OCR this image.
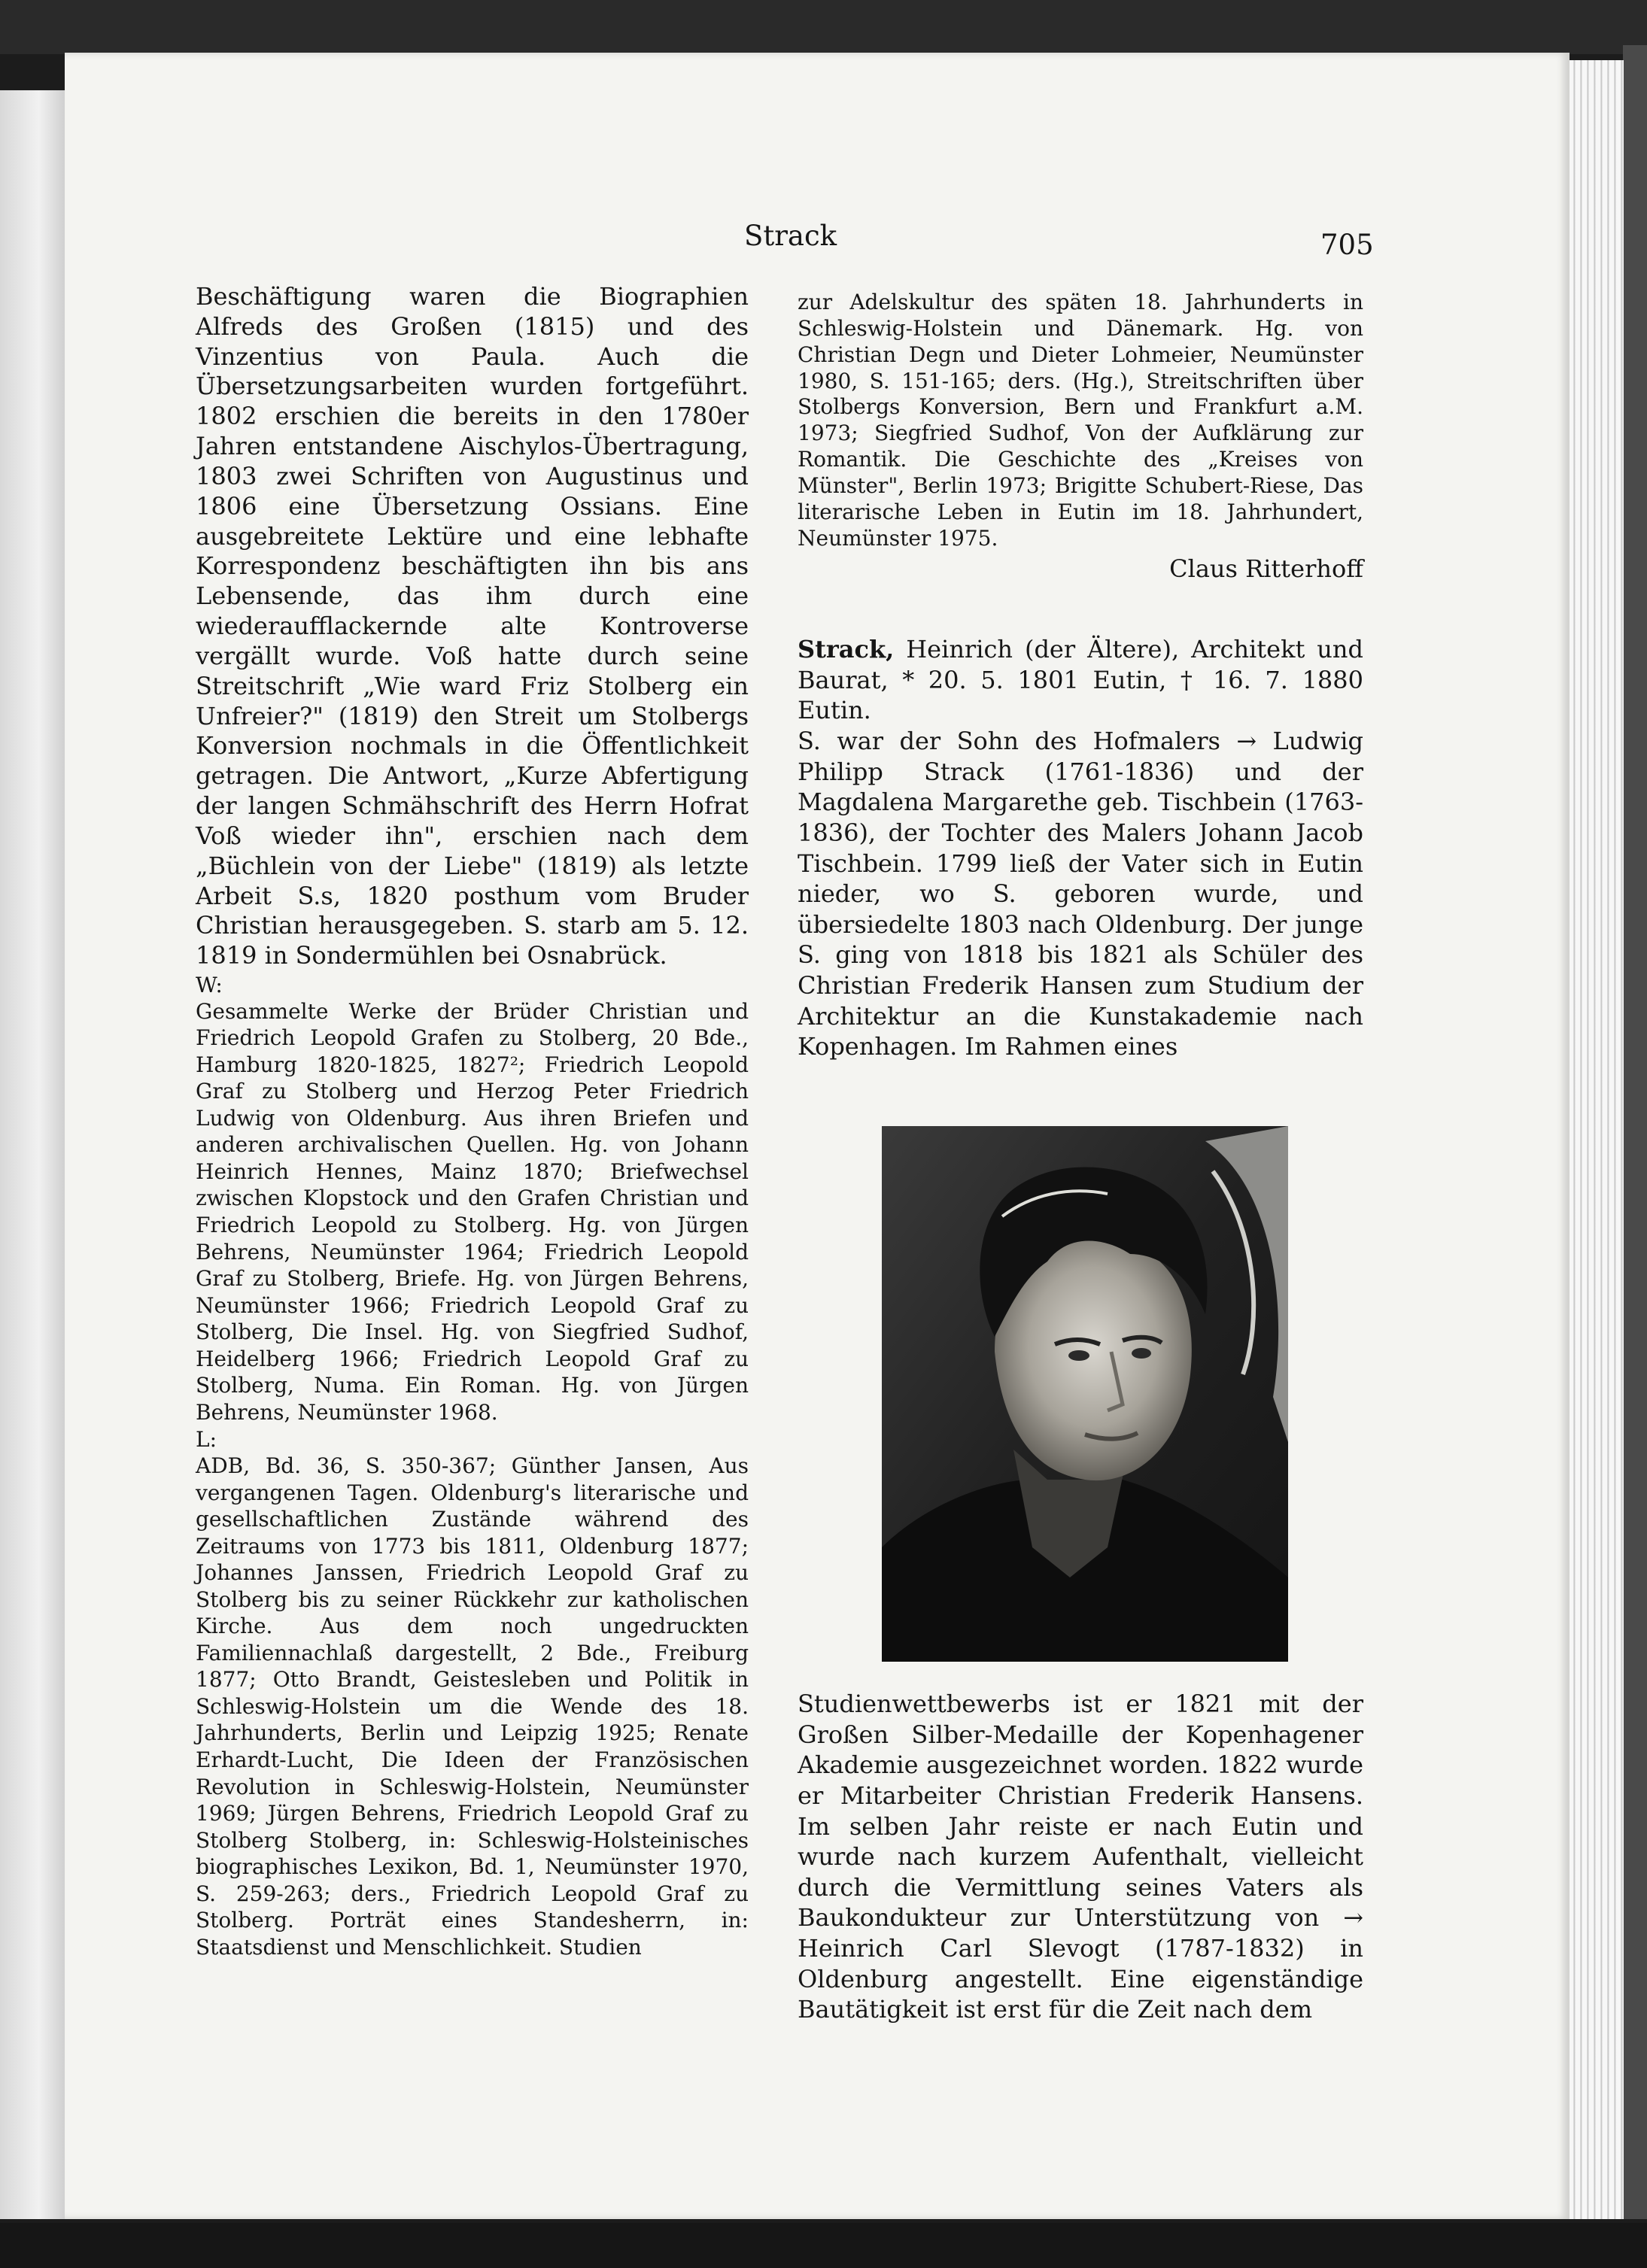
Strack	705

Beschäftigung waren die Biographien Alfreds des Großen (1815) und des Vinzentius von Paula. Auch die Übersetzungsarbeiten wurden fortgeführt. 1802 erschien die bereits in den 1780er Jahren entstandene Aischylos-Übertragung, 1803 zwei Schriften von Augustinus und 1806 eine Übersetzung Ossians. Eine ausgebreitete Lektüre und eine lebhafte Korrespondenz beschäftigten ihn bis ans Lebensende, das ihm durch eine wiederaufflackernde alte Kontroverse vergällt wurde. Voß hatte durch seine Streitschrift „Wie ward Friz Stolberg ein Unfreier?" (1819) den Streit um Stolbergs Konversion nochmals in die Öffentlichkeit getragen. Die Antwort, „Kurze Abfertigung der langen Schmähschrift des Herrn Hofrat Voß wieder ihn", erschien nach dem „Büchlein von der Liebe" (1819) als letzte Arbeit S.s, 1820 posthum vom Bruder Christian herausgegeben. S. starb am 5. 12. 1819 in Sondermühlen bei Osnabrück.

W:

Gesammelte Werke der Brüder Christian und Friedrich Leopold Grafen zu Stolberg, 20 Bde., Hamburg 1820-1825, 1827²; Friedrich Leopold Graf zu Stolberg und Herzog Peter Friedrich Ludwig von Oldenburg. Aus ihren Briefen und anderen archivalischen Quellen. Hg. von Johann Heinrich Hennes, Mainz 1870; Briefwechsel zwischen Klopstock und den Grafen Christian und Friedrich Leopold zu Stolberg. Hg. von Jürgen Behrens, Neumünster 1964; Friedrich Leopold Graf zu Stolberg, Briefe. Hg. von Jürgen Behrens, Neumünster 1966; Friedrich Leopold Graf zu Stolberg, Die Insel. Hg. von Siegfried Sudhof, Heidelberg 1966; Friedrich Leopold Graf zu Stolberg, Numa. Ein Roman. Hg. von Jürgen Behrens, Neumünster 1968.

L:

ADB, Bd. 36, S. 350-367; Günther Jansen, Aus vergangenen Tagen. Oldenburg's literarische und gesellschaftlichen Zustände während des Zeitraums von 1773 bis 1811, Oldenburg 1877; Johannes Janssen, Friedrich Leopold Graf zu Stolberg bis zu seiner Rückkehr zur katholischen Kirche. Aus dem noch ungedruckten Familiennachlaß dargestellt, 2 Bde., Freiburg 1877; Otto Brandt, Geistesleben und Politik in Schleswig-Holstein um die Wende des 18. Jahrhunderts, Berlin und Leipzig 1925; Renate Erhardt-Lucht, Die Ideen der Französischen Revolution in Schleswig-Holstein, Neumünster 1969; Jürgen Behrens, Friedrich Leopold Graf zu Stolberg Stolberg, in: Schleswig-Holsteinisches biographisches Lexikon, Bd. 1, Neumünster 1970, S. 259-263; ders., Friedrich Leopold Graf zu Stolberg. Porträt eines Standesherrn, in: Staatsdienst und Menschlichkeit. Studien

zur Adelskultur des späten 18. Jahrhunderts in Schleswig-Holstein und Dänemark. Hg. von Christian Degn und Dieter Lohmeier, Neumünster 1980, S. 151-165; ders. (Hg.), Streitschriften über Stolbergs Konversion, Bern und Frankfurt a.M. 1973; Siegfried Sudhof, Von der Aufklärung zur Romantik. Die Geschichte des „Kreises von Münster", Berlin 1973; Brigitte Schubert-Riese, Das literarische Leben in Eutin im 18. Jahrhundert, Neumünster 1975.

Claus Ritterhoff

Strack, Heinrich (der Ältere), Architekt und Baurat, * 20. 5. 1801 Eutin, † 16. 7. 1880 Eutin.

S. war der Sohn des Hofmalers → Ludwig Philipp Strack (1761-1836) und der Magdalena Margarethe geb. Tischbein (1763-1836), der Tochter des Malers Johann Jacob Tischbein. 1799 ließ der Vater sich in Eutin nieder, wo S. geboren wurde, und übersiedelte 1803 nach Oldenburg. Der junge S. ging von 1818 bis 1821 als Schüler des Christian Frederik Hansen zum Studium der Architektur an die Kunstakademie nach Kopenhagen. Im Rahmen eines

Studienwettbewerbs ist er 1821 mit der Großen Silber-Medaille der Kopenhagener Akademie ausgezeichnet worden. 1822 wurde er Mitarbeiter Christian Frederik Hansens. Im selben Jahr reiste er nach Eutin und wurde nach kurzem Aufenthalt, vielleicht durch die Vermittlung seines Vaters als Baukondukteur zur Unterstützung von → Heinrich Carl Slevogt (1787-1832) in Oldenburg angestellt. Eine eigenständige Bautätigkeit ist erst für die Zeit nach dem
